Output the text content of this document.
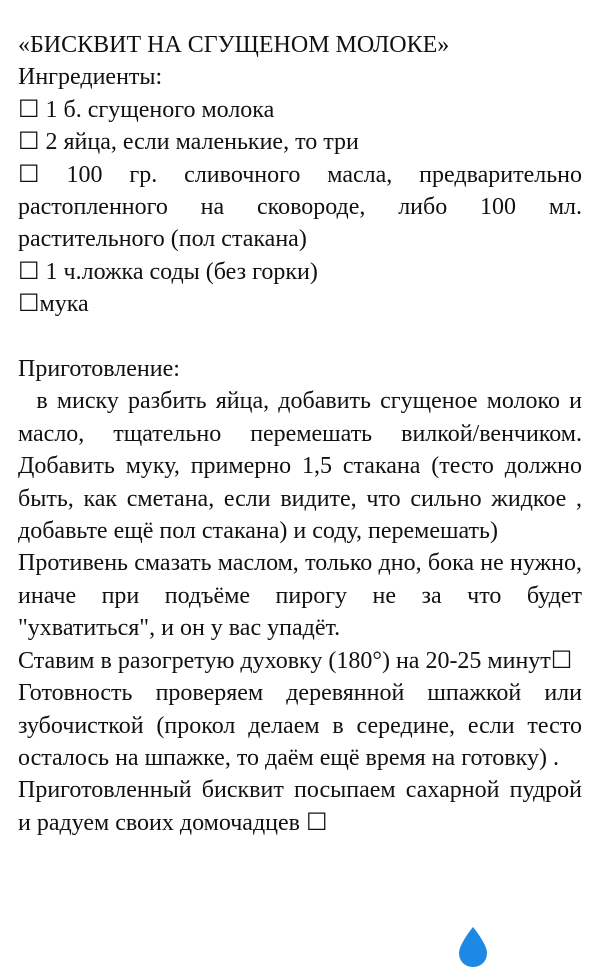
«БИСКВИТ НА СГУЩЕНОМ МОЛОКЕ»
Ингредиенты:
☐ 1 б. сгущеного молока
☐ 2 яйца, если маленькие, то три
☐ 100 гр. сливочного масла, предварительно растопленного на сковороде, либо 100 мл. растительного (пол стакана)
☐ 1 ч.ложка соды (без горки)
☐мука
Приготовление:
в миску разбить яйца, добавить сгущеное молоко и масло, тщательно перемешать вилкой/венчиком. Добавить муку, примерно 1,5 стакана (тесто должно быть, как сметана, если видите, что сильно жидкое , добавьте ещё пол стакана) и соду, перемешать)
Противень смазать маслом, только дно, бока не нужно, иначе при подъёме пирогу не за что будет "ухватиться", и он у вас упадёт.
Ставим в разогретую духовку (180°) на 20-25 минут☐
Готовность проверяем деревянной шпажкой или зубочисткой (прокол делаем в середине, если тесто осталось на шпажке, то даём ещё время на готовку) .
Приготовленный бисквит посыпаем сахарной пудрой и радуем своих домочадцев ☐
